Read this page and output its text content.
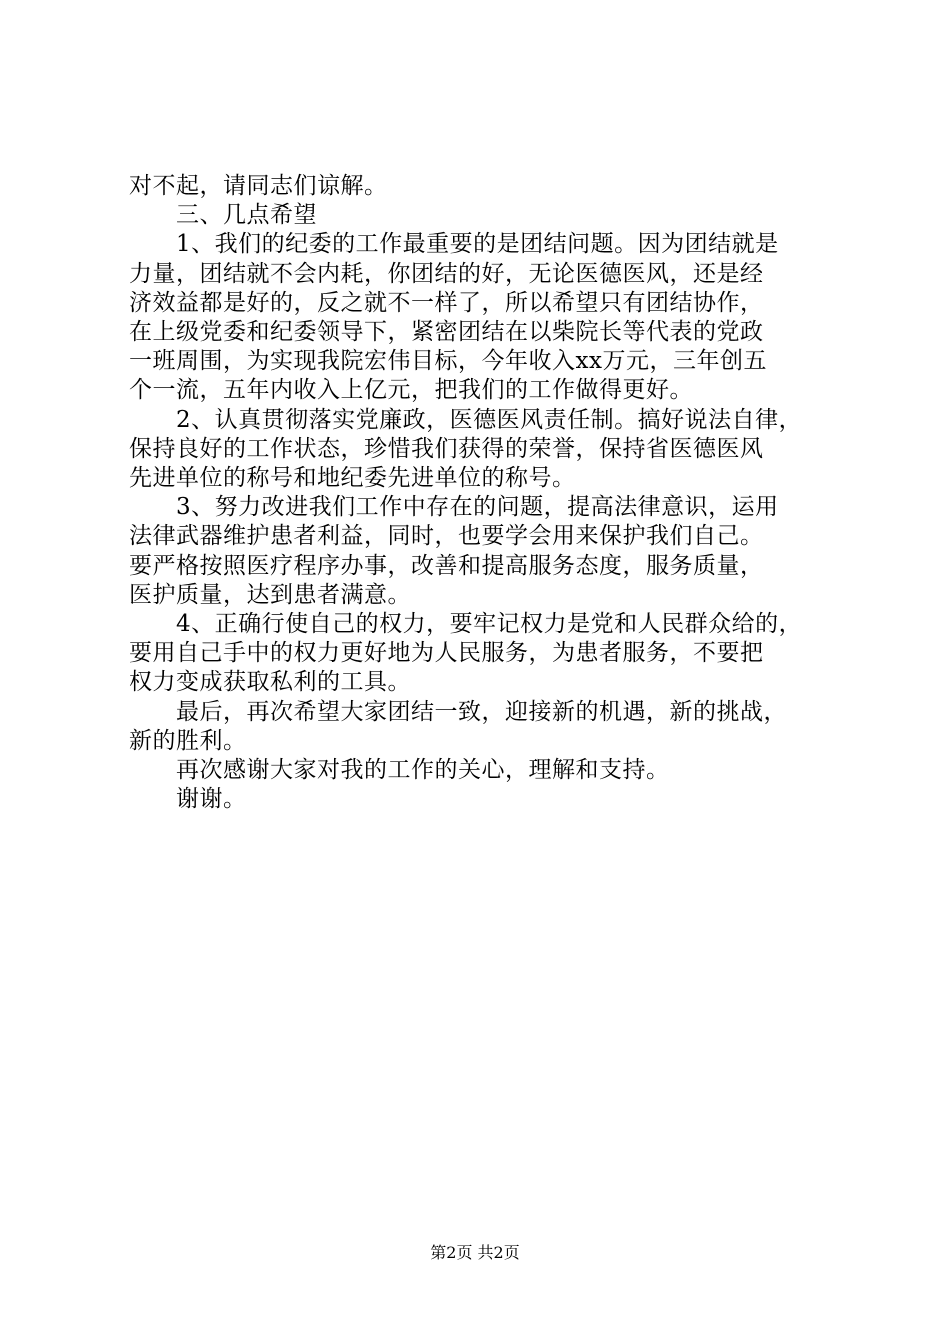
对不起，请同志们谅解。
　　三、几点希望
　　1、我们的纪委的工作最重要的是团结问题。因为团结就是
力量，团结就不会内耗，你团结的好，无论医德医风，还是经
济效益都是好的，反之就不一样了，所以希望只有团结协作，
在上级党委和纪委领导下，紧密团结在以柴院长等代表的党政
一班周围，为实现我院宏伟目标，今年收入xx万元，三年创五
个一流，五年内收入上亿元，把我们的工作做得更好。
　　2、认真贯彻落实党廉政，医德医风责任制。搞好说法自律，
保持良好的工作状态，珍惜我们获得的荣誉，保持省医德医风
先进单位的称号和地纪委先进单位的称号。
　　3、努力改进我们工作中存在的问题，提高法律意识，运用
法律武器维护患者利益，同时，也要学会用来保护我们自己。
要严格按照医疗程序办事，改善和提高服务态度，服务质量，
医护质量，达到患者满意。
　　4、正确行使自己的权力，要牢记权力是党和人民群众给的，
要用自己手中的权力更好地为人民服务，为患者服务，不要把
权力变成获取私利的工具。
　　最后，再次希望大家团结一致，迎接新的机遇，新的挑战，
新的胜利。
　　再次感谢大家对我的工作的关心，理解和支持。
　　谢谢。
第2页 共2页
